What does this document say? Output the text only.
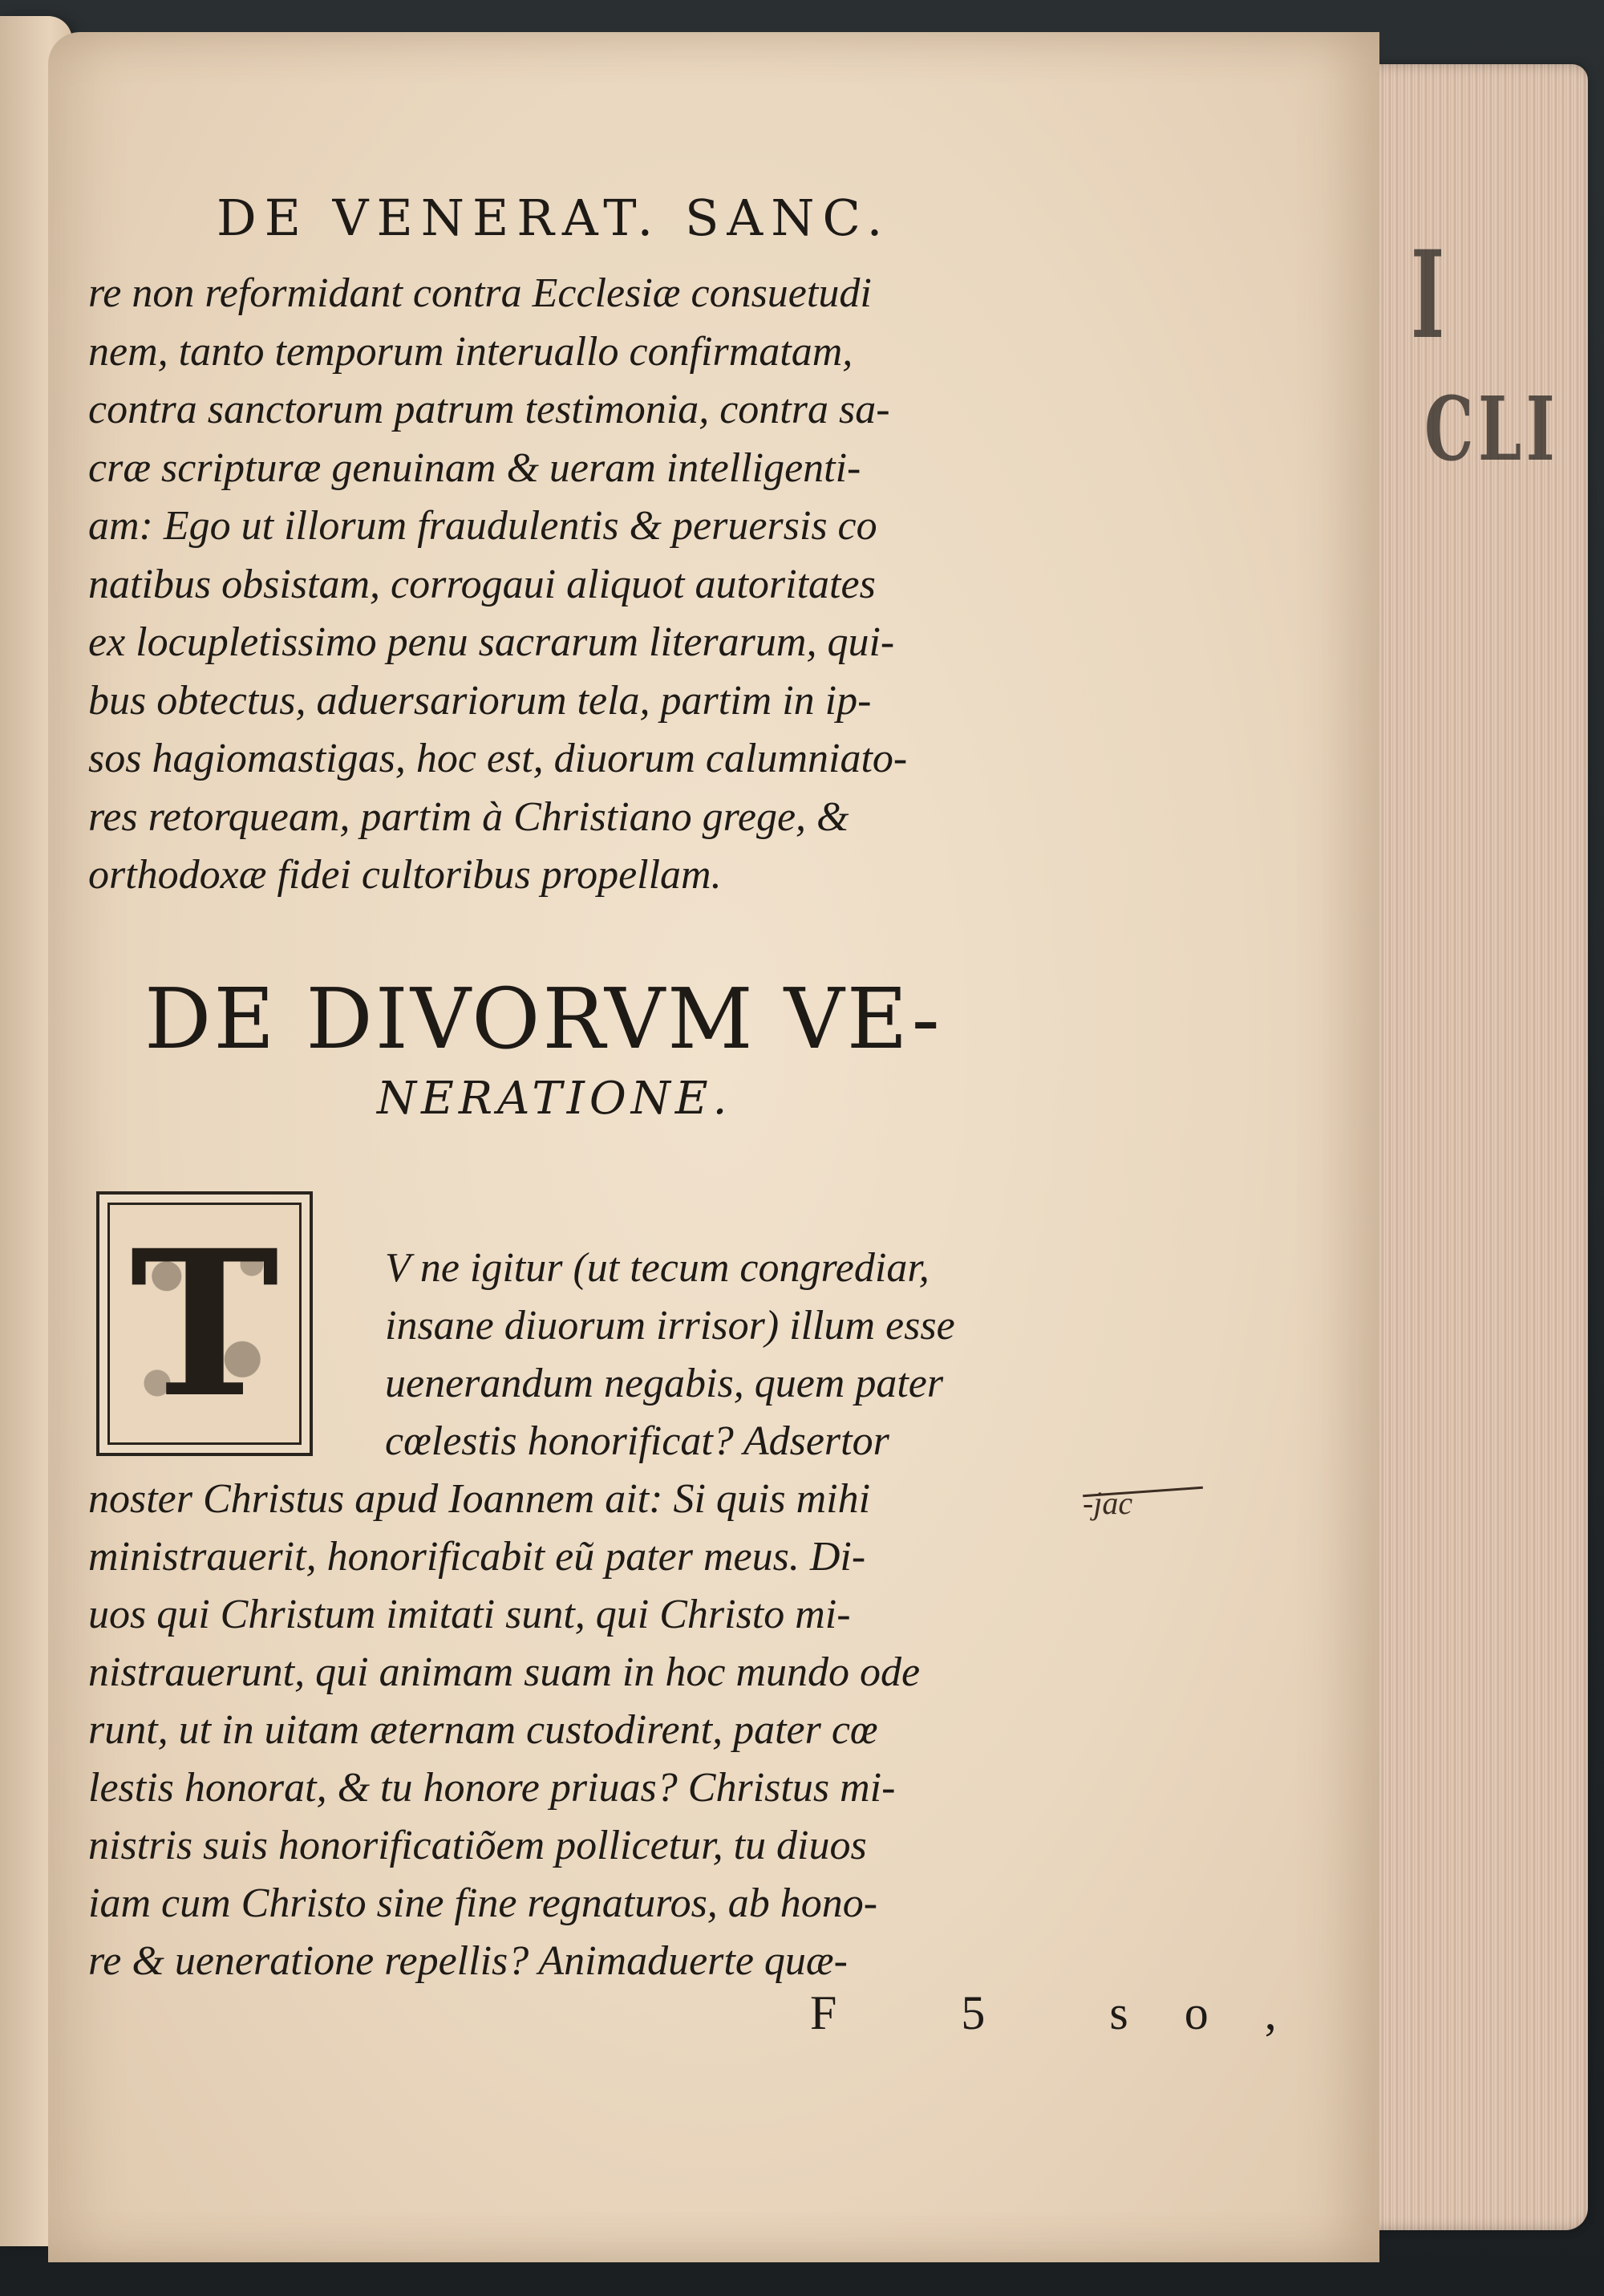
I
CLI
DE VENERAT. SANC.
re non reformidant contra Ecclesiæ consuetudi
nem, tanto temporum interuallo confirmatam,
contra sanctorum patrum testimonia, contra sa-
cræ scripturæ genuinam & ueram intelligenti-
am: Ego ut illorum fraudulentis & peruersis co
natibus obsistam, corrogaui aliquot autoritates
ex locupletissimo penu sacrarum literarum, qui-
bus obtectus, aduersariorum tela, partim in ip-
sos hagiomastigas, hoc est, diuorum calumniato-
res retorqueam, partim à Christiano grege, &
orthodoxæ fidei cultoribus propellam.
DE DIVORVM VE-
NERATIONE.
T	V ne igitur (ut tecum congrediar,
insane diuorum irrisor) illum esse
uenerandum negabis, quem pater
cœlestis honorificat? Adsertor
noster Christus apud Ioannem ait: Si quis mihi
ministrauerit, honorificabit eũ pater meus. Di-
uos qui Christum imitati sunt, qui Christo mi-
nistrauerunt, qui animam suam in hoc mundo ode
runt, ut in uitam æternam custodirent, pater cœ
lestis honorat, & tu honore priuas? Christus mi-
nistris suis honorificatiõem pollicetur, tu diuos
iam cum Christo sine fine regnaturos, ab hono-
re & ueneratione repellis? Animaduerte quæ-
-jac
F 5 so,
